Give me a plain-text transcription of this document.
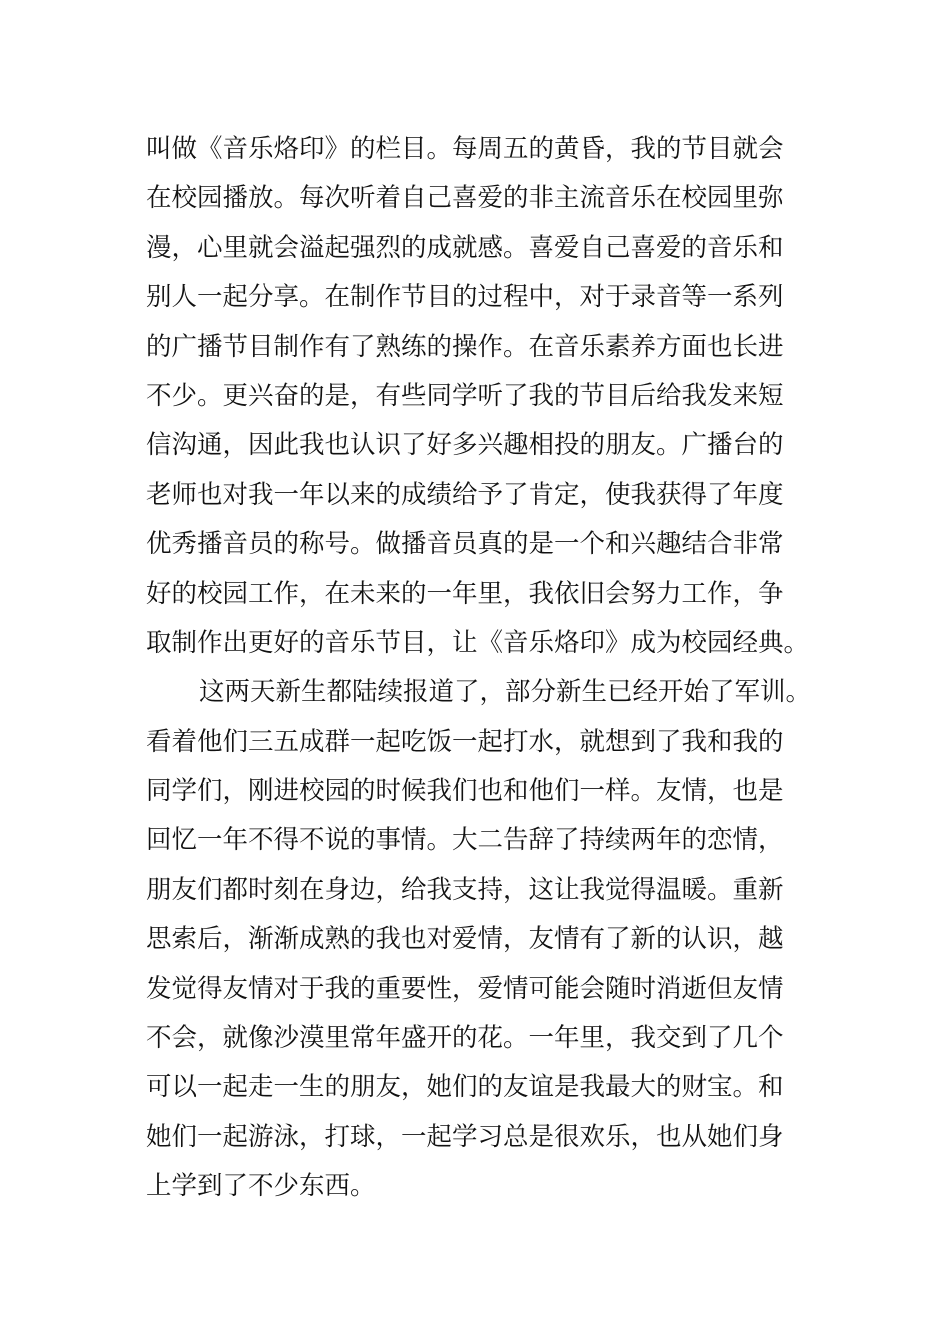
叫做《音乐烙印》的栏目。每周五的黄昏，我的节目就会
在校园播放。每次听着自己喜爱的非主流音乐在校园里弥
漫，心里就会溢起强烈的成就感。喜爱自己喜爱的音乐和
别人一起分享。在制作节目的过程中，对于录音等一系列
的广播节目制作有了熟练的操作。在音乐素养方面也长进
不少。更兴奋的是，有些同学听了我的节目后给我发来短
信沟通，因此我也认识了好多兴趣相投的朋友。广播台的
老师也对我一年以来的成绩给予了肯定，使我获得了年度
优秀播音员的称号。做播音员真的是一个和兴趣结合非常
好的校园工作，在未来的一年里，我依旧会努力工作，争
取制作出更好的音乐节目，让《音乐烙印》成为校园经典。
这两天新生都陆续报道了，部分新生已经开始了军训。
看着他们三五成群一起吃饭一起打水，就想到了我和我的
同学们，刚进校园的时候我们也和他们一样。友情，也是
回忆一年不得不说的事情。大二告辞了持续两年的恋情，
朋友们都时刻在身边，给我支持，这让我觉得温暖。重新
思索后，渐渐成熟的我也对爱情，友情有了新的认识，越
发觉得友情对于我的重要性，爱情可能会随时消逝但友情
不会，就像沙漠里常年盛开的花。一年里，我交到了几个
可以一起走一生的朋友，她们的友谊是我最大的财宝。和
她们一起游泳，打球，一起学习总是很欢乐，也从她们身
上学到了不少东西。
